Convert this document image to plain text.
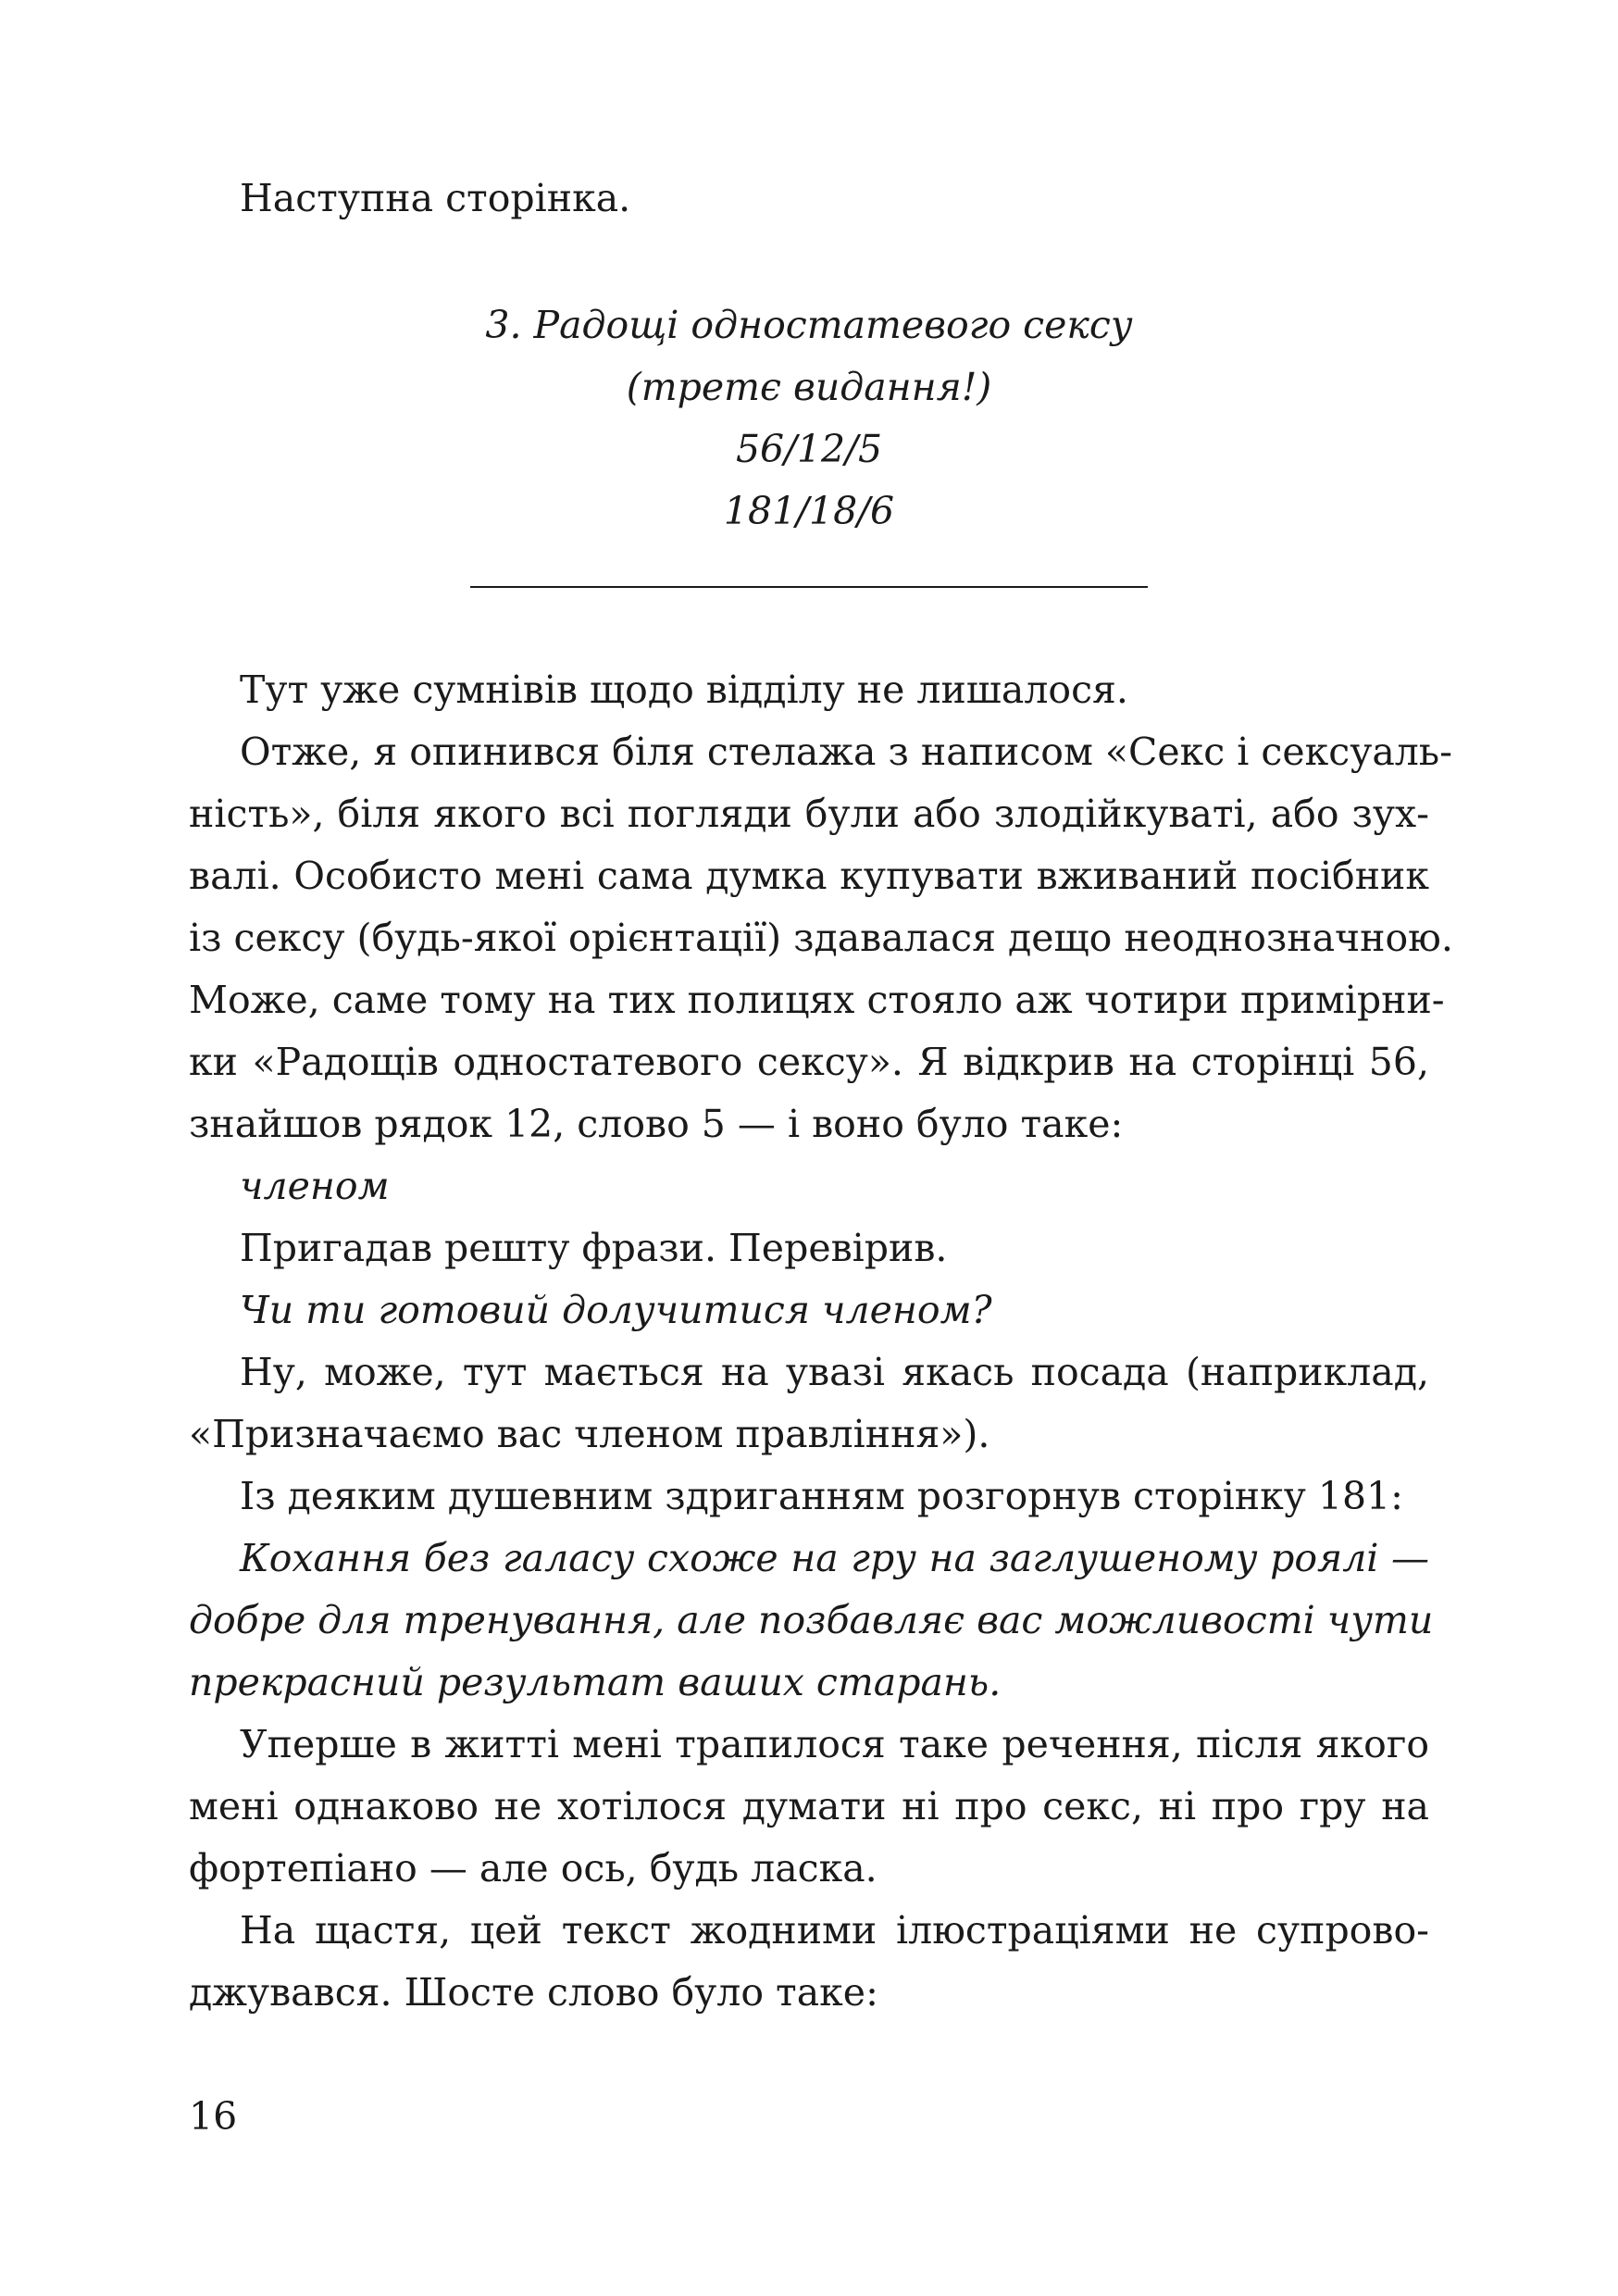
Наступна сторінка.
3. Радощі одностатевого сексу
(третє видання!)
56/12/5
181/18/6
Тут уже сумнівів щодо відділу не лишалося.
Отже, я опинився біля стелажа з написом «Секс і сексуаль-
ність», біля якого всі погляди були або злодійкуваті, або зух-
валі. Особисто мені сама думка купувати вживаний посібник
із сексу (будь-якої орієнтації) здавалася дещо неоднозначною.
Може, саме тому на тих полицях стояло аж чотири примірни-
ки «Радощів одностатевого сексу». Я відкрив на сторінці 56,
знайшов рядок 12, слово 5 — і воно було таке:
членом
Пригадав решту фрази. Перевірив.
Чи ти готовий долучитися членом?
Ну, може, тут мається на увазі якась посада (наприклад,
«Призначаємо вас членом правління»).
Із деяким душевним здриганням розгорнув сторінку 181:
Кохання без галасу схоже на гру на заглушеному роялі —
добре для тренування, але позбавляє вас можливості чути
прекрасний результат ваших старань.
Уперше в житті мені трапилося таке речення, після якого
мені однаково не хотілося думати ні про секс, ні про гру на
фортепіано — але ось, будь ласка.
На щастя, цей текст жодними ілюстраціями не супрово-
джувався. Шосте слово було таке:
16
